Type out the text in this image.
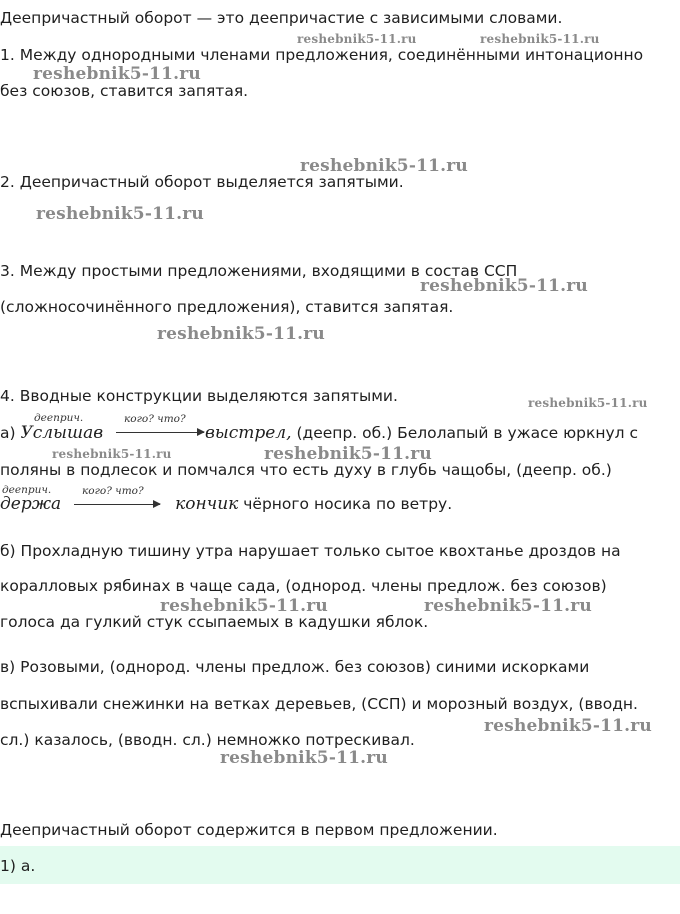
Деепричастный оборот — это деепричастие с зависимыми словами.
1. Между однородными членами предложения, соединёнными интонационно
без союзов, ставится запятая.
2. Деепричастный оборот выделяется запятыми.
3. Между простыми предложениями, входящими в состав ССП
(сложносочинённого предложения), ставится запятая.
4. Вводные конструкции выделяются запятыми.
а) Услышав	выстрел, (деепр. об.) Белолапый в ужасе юркнул с
дееприч.	кого? что?
поляны в подлесок и помчался что есть духу в глубь чащобы, (деепр. об.)
держа	кончик чёрного носика по ветру.
дееприч.	кого? что?
б) Прохладную тишину утра нарушает только сытое квохтанье дроздов на
коралловых рябинах в чаще сада, (однород. члены предлож. без союзов)
голоса да гулкий стук ссыпаемых в кадушки яблок.
в) Розовыми, (однород. члены предлож. без союзов) синими искорками
вспыхивали снежинки на ветках деревьев, (ССП) и морозный воздух, (вводн.
сл.) казалось, (вводн. сл.) немножко потрескивал.
Деепричастный оборот содержится в первом предложении.
1) а.
reshebnik5-11.ru	reshebnik5-11.ru
reshebnik5-11.ru
reshebnik5-11.ru
reshebnik5-11.ru
reshebnik5-11.ru
reshebnik5-11.ru
reshebnik5-11.ru
reshebnik5-11.ru	reshebnik5-11.ru
reshebnik5-11.ru	reshebnik5-11.ru
reshebnik5-11.ru
reshebnik5-11.ru
